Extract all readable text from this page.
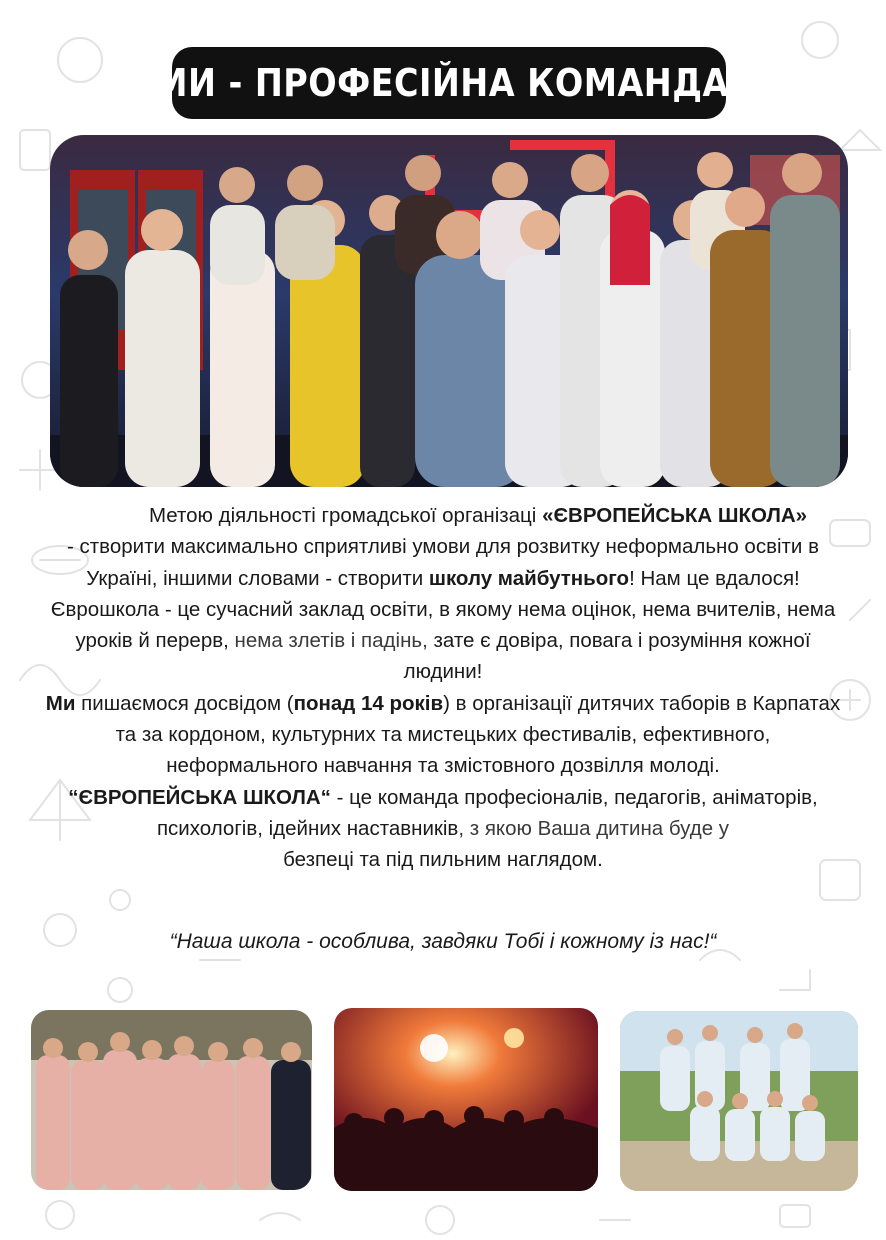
МИ - ПРОФЕСІЙНА КОМАНДА!

Метою діяльності громадської організаці «ЄВРОПЕЙСЬКА ШКОЛА»

- створити максимально сприятливі умови для розвитку неформально освіти в Україні, іншими словами - створити школу майбутнього! Нам це вдалося! Єврошкола - це сучасний заклад освіти, в якому нема оцінок, нема вчителів, нема уроків й перерв, нема злетів і падінь, зате є довіра, повага і розуміння кожної людини!

Ми пишаємося досвідом (понад 14 років) в організації дитячих таборів в Карпатах та за кордоном, культурних та мистецьких фестивалів, ефективного, неформального навчання та змістовного дозвілля молоді.

“ЄВРОПЕЙСЬКА ШКОЛА“ - це команда професіоналів, педагогів, аніматорів, психологів, ідейних наставників, з якою Ваша дитина буде у
безпеці та під пильним наглядом.

“Наша школа - особлива, завдяки Тобі і кожному із нас!“
